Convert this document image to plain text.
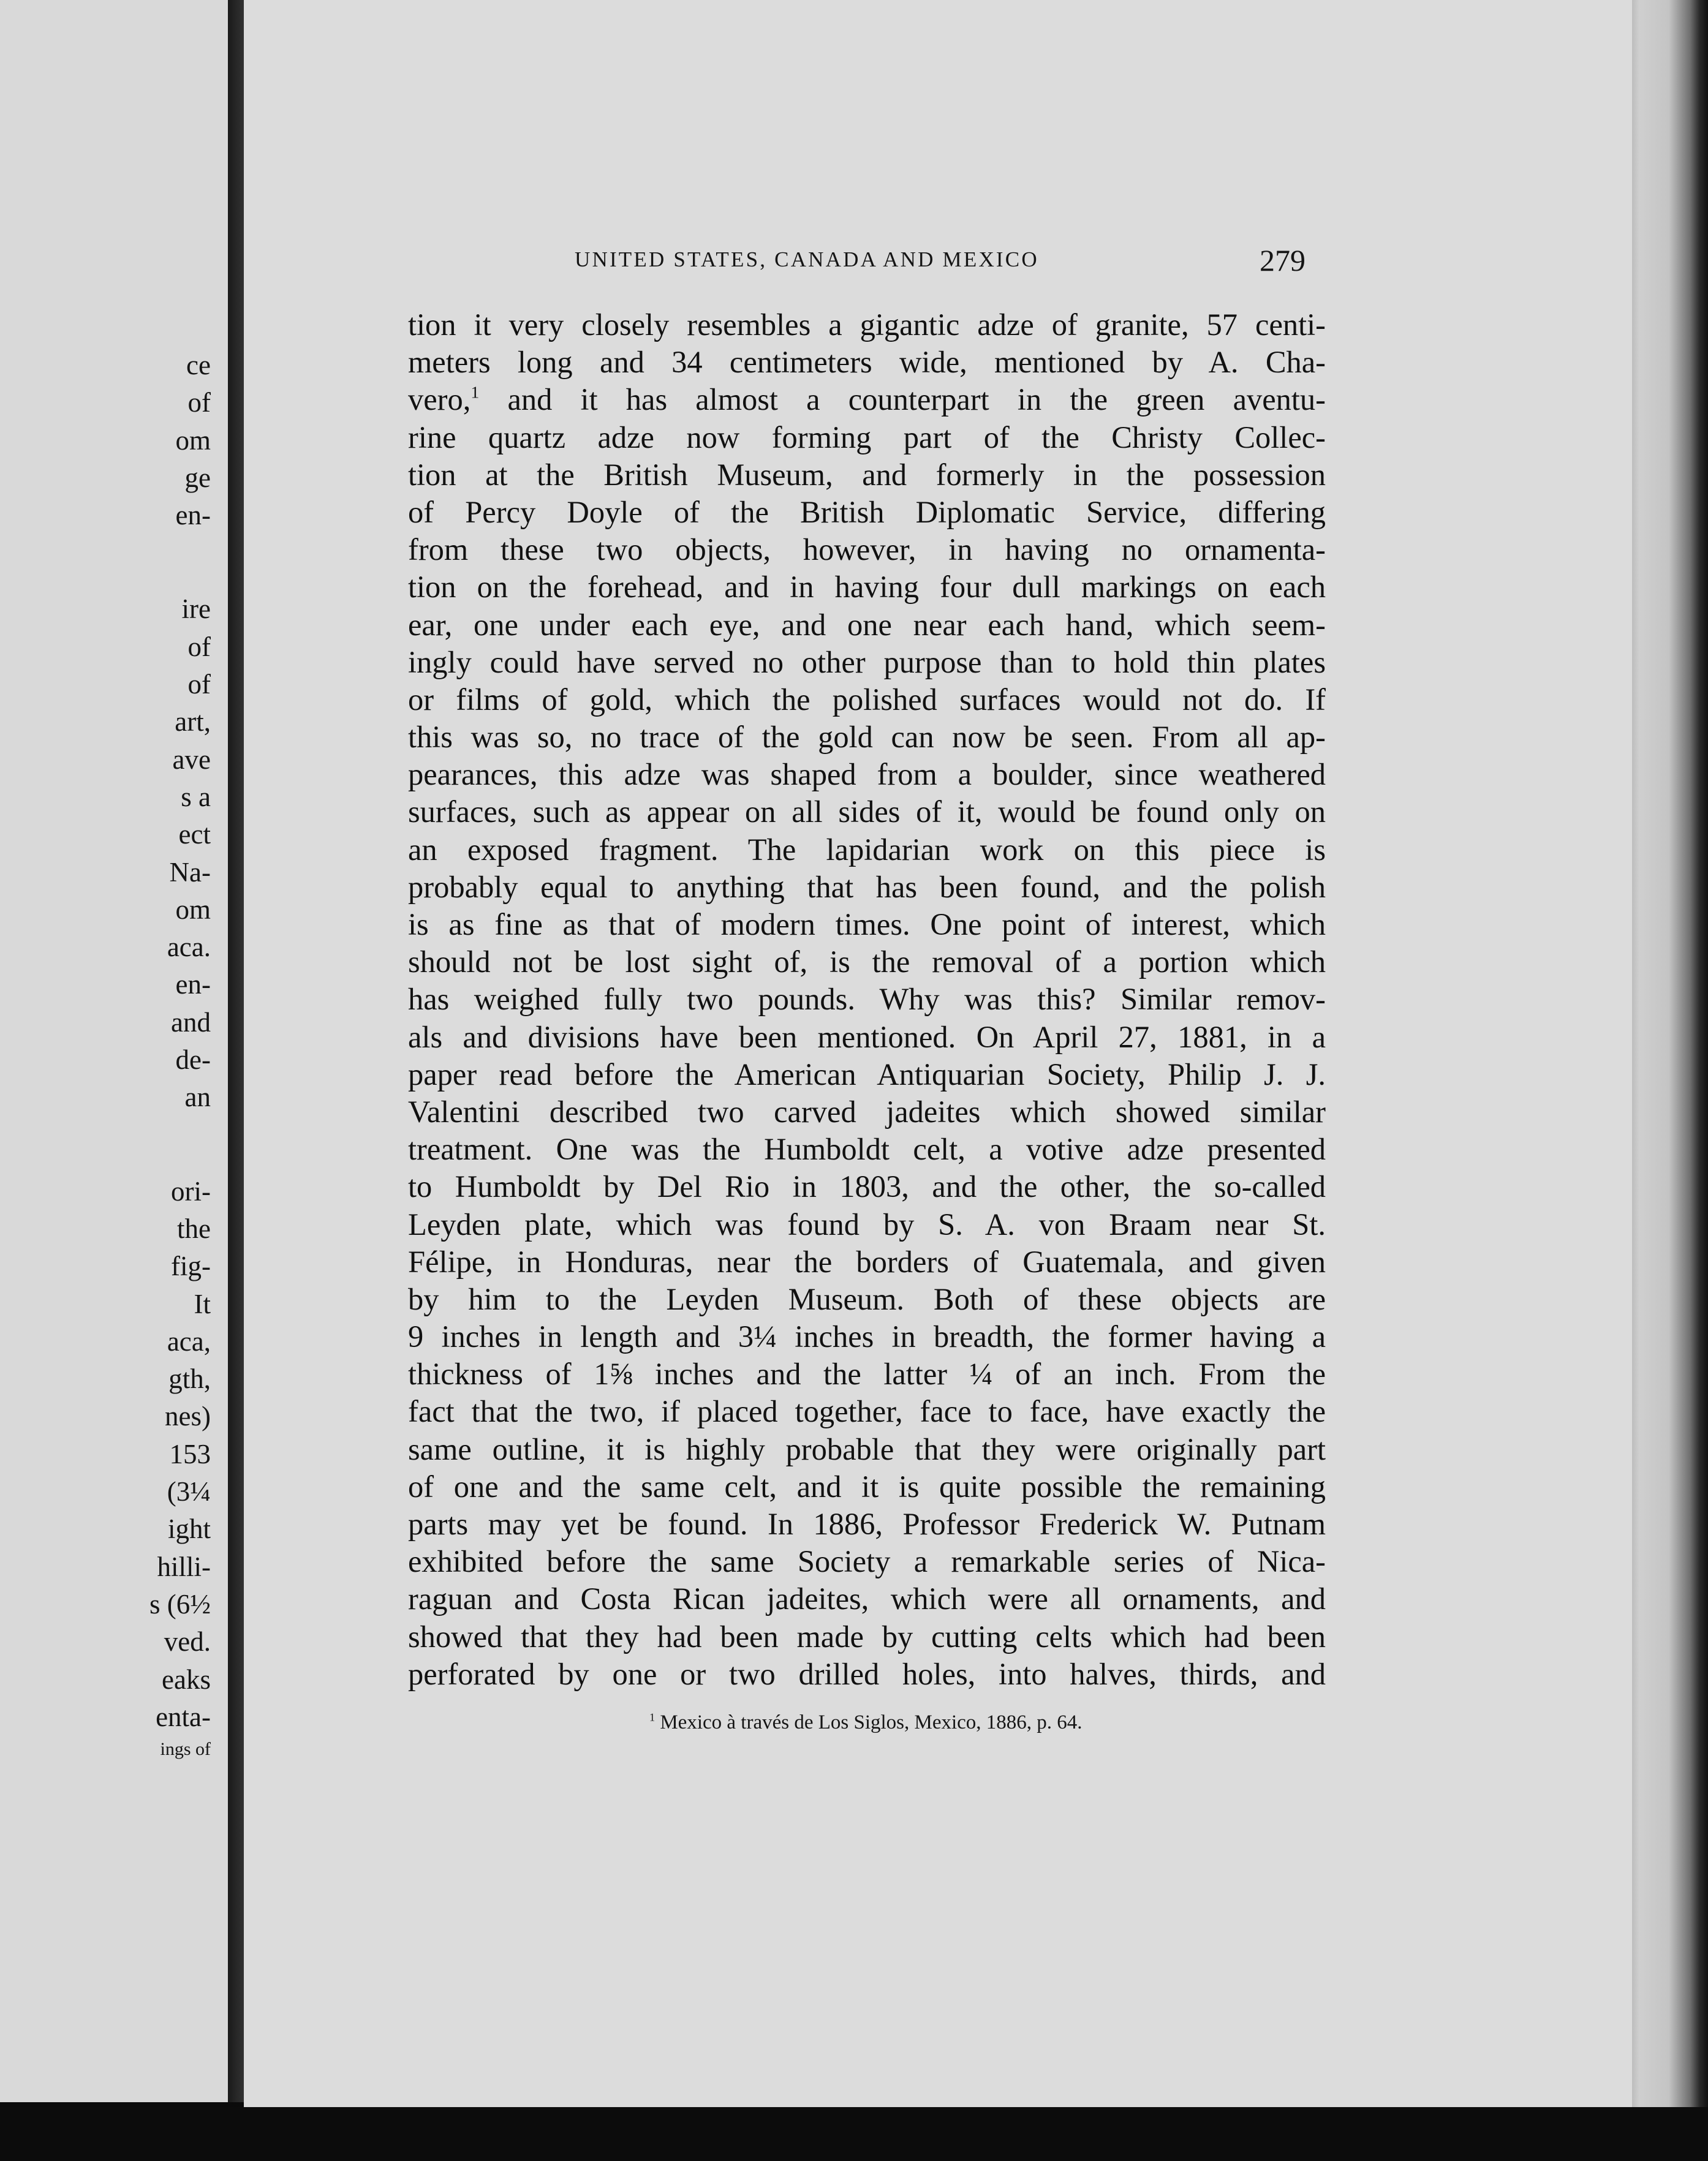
ce
of
om
ge
en-
ire
of
of
art,
ave
s a
ect
Na-
om
aca.
en-
and
de-
an
ori-
the
fig-
It
aca,
gth,
nes)
153
(3¼
ight
hilli-
s (6½
ved.
eaks
enta-
ings of
UNITED STATES, CANADA AND MEXICO	279
tion it very closely resembles a gigantic adze of granite, 57 centi-
meters long and 34 centimeters wide, mentioned by A. Cha-
vero,$^1$ and it has almost a counterpart in the green aventu-
rine quartz adze now forming part of the Christy Collec-
tion at the British Museum, and formerly in the possession
of Percy Doyle of the British Diplomatic Service, differing
from these two objects, however, in having no ornamenta-
tion on the forehead, and in having four dull markings on each
ear, one under each eye, and one near each hand, which seem-
ingly could have served no other purpose than to hold thin plates
or films of gold, which the polished surfaces would not do. If
this was so, no trace of the gold can now be seen. From all ap-
pearances, this adze was shaped from a boulder, since weathered
surfaces, such as appear on all sides of it, would be found only on
an exposed fragment. The lapidarian work on this piece is
probably equal to anything that has been found, and the polish
is as fine as that of modern times. One point of interest, which
should not be lost sight of, is the removal of a portion which
has weighed fully two pounds. Why was this? Similar remov-
als and divisions have been mentioned. On April 27, 1881, in a
paper read before the American Antiquarian Society, Philip J. J.
Valentini described two carved jadeites which showed similar
treatment. One was the Humboldt celt, a votive adze presented
to Humboldt by Del Rio in 1803, and the other, the so-called
Leyden plate, which was found by S. A. von Braam near St.
Félipe, in Honduras, near the borders of Guatemala, and given
by him to the Leyden Museum. Both of these objects are
9 inches in length and 3¼ inches in breadth, the former having a
thickness of 1⅝ inches and the latter ¼ of an inch. From the
fact that the two, if placed together, face to face, have exactly the
same outline, it is highly probable that they were originally part
of one and the same celt, and it is quite possible the remaining
parts may yet be found. In 1886, Professor Frederick W. Putnam
exhibited before the same Society a remarkable series of Nica-
raguan and Costa Rican jadeites, which were all ornaments, and
showed that they had been made by cutting celts which had been
perforated by one or two drilled holes, into halves, thirds, and
$^1$ Mexico à través de Los Siglos, Mexico, 1886, p. 64.
